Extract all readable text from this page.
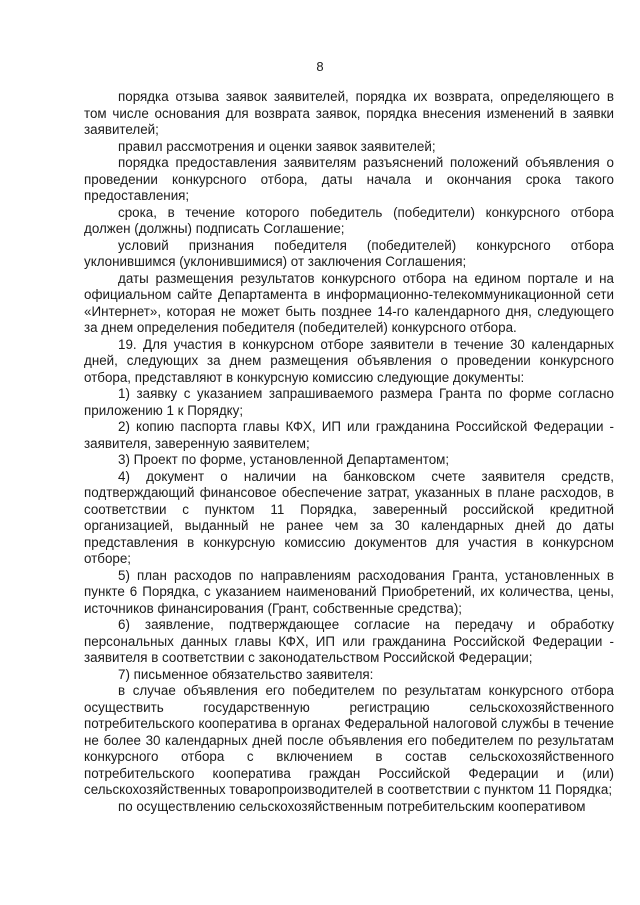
8

порядка отзыва заявок заявителей, порядка их возврата, определяющего в том числе основания для возврата заявок, порядка внесения изменений в заявки заявителей;

правил рассмотрения и оценки заявок заявителей;

порядка предоставления заявителям разъяснений положений объявления о проведении конкурсного отбора, даты начала и окончания срока такого предоставления;

срока, в течение которого победитель (победители) конкурсного отбора должен (должны) подписать Соглашение;

условий признания победителя (победителей) конкурсного отбора уклонившимся (уклонившимися) от заключения Соглашения;

даты размещения результатов конкурсного отбора на едином портале и на официальном сайте Департамента в информационно-телекоммуникационной сети «Интернет», которая не может быть позднее 14-го календарного дня, следующего за днем определения победителя (победителей) конкурсного отбора.

19. Для участия в конкурсном отборе заявители в течение 30 календарных дней, следующих за днем размещения объявления о проведении конкурсного отбора, представляют в конкурсную комиссию следующие документы:

1) заявку с указанием запрашиваемого размера Гранта по форме согласно приложению 1 к Порядку;

2) копию паспорта главы КФХ, ИП или гражданина Российской Федерации - заявителя, заверенную заявителем;

3) Проект по форме, установленной Департаментом;

4) документ о наличии на банковском счете заявителя средств, подтверждающий финансовое обеспечение затрат, указанных в плане расходов, в соответствии с пунктом 11 Порядка, заверенный российской кредитной организацией, выданный не ранее чем за 30 календарных дней до даты представления в конкурсную комиссию документов для участия в конкурсном отборе;

5) план расходов по направлениям расходования Гранта, установленных в пункте 6 Порядка, с указанием наименований Приобретений, их количества, цены, источников финансирования (Грант, собственные средства);

6) заявление, подтверждающее согласие на передачу и обработку персональных данных главы КФХ, ИП или гражданина Российской Федерации - заявителя в соответствии с законодательством Российской Федерации;

7) письменное обязательство заявителя:

в случае объявления его победителем по результатам конкурсного отбора осуществить государственную регистрацию сельскохозяйственного потребительского кооператива в органах Федеральной налоговой службы в течение не более 30 календарных дней после объявления его победителем по результатам конкурсного отбора с включением в состав сельскохозяйственного потребительского кооператива граждан Российской Федерации и (или) сельскохозяйственных товаропроизводителей в соответствии с пунктом 11 Порядка;

по осуществлению сельскохозяйственным потребительским кооперативом
